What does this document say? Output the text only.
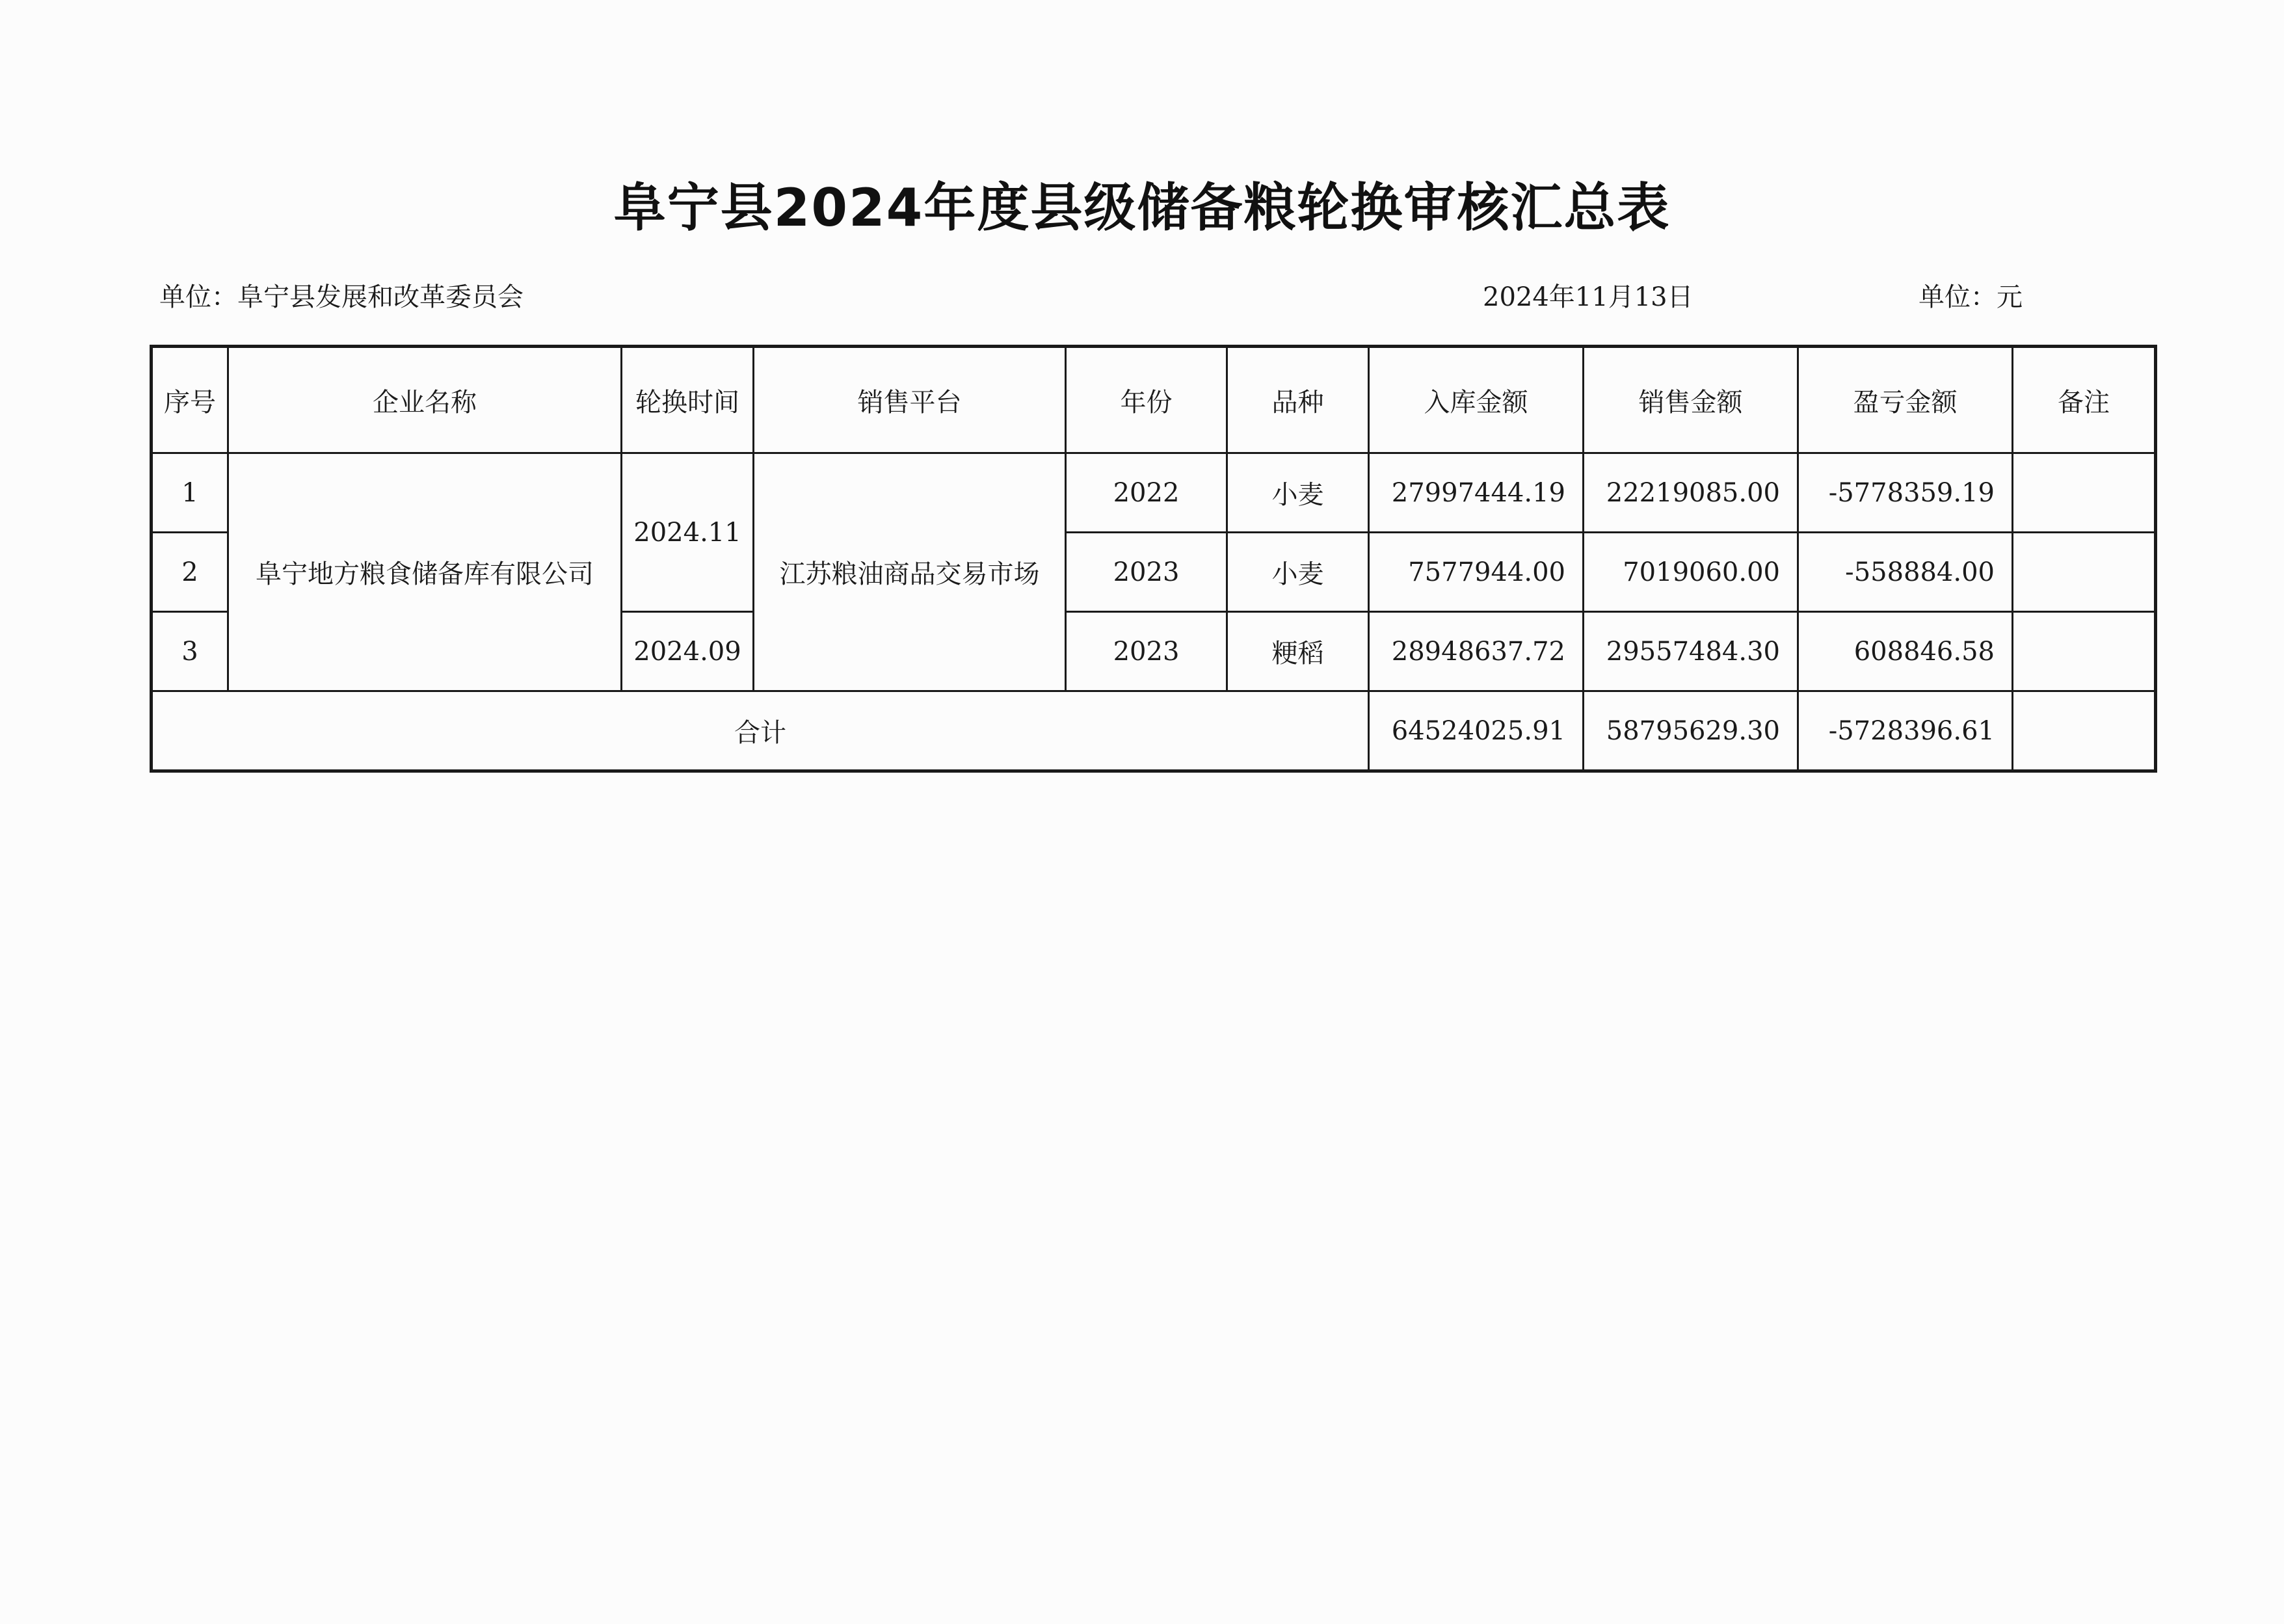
阜宁县2024年度县级储备粮轮换审核汇总表
单位：阜宁县发展和改革委员会	2024年11月13日	单位：元
序号	企业名称	轮换时间	销售平台	年份	品种	入库金额	销售金额	盈亏金额	备注
1	阜宁地方粮食储备库有限公司	2024.11	江苏粮油商品交易市场	2022	小麦	27997444.19	22219085.00	-5778359.19	
2				2023	小麦	7577944.00	7019060.00	-558884.00	
3		2024.09		2023	粳稻	28948637.72	29557484.30	608846.58	
合计						64524025.91	58795629.30	-5728396.61	
